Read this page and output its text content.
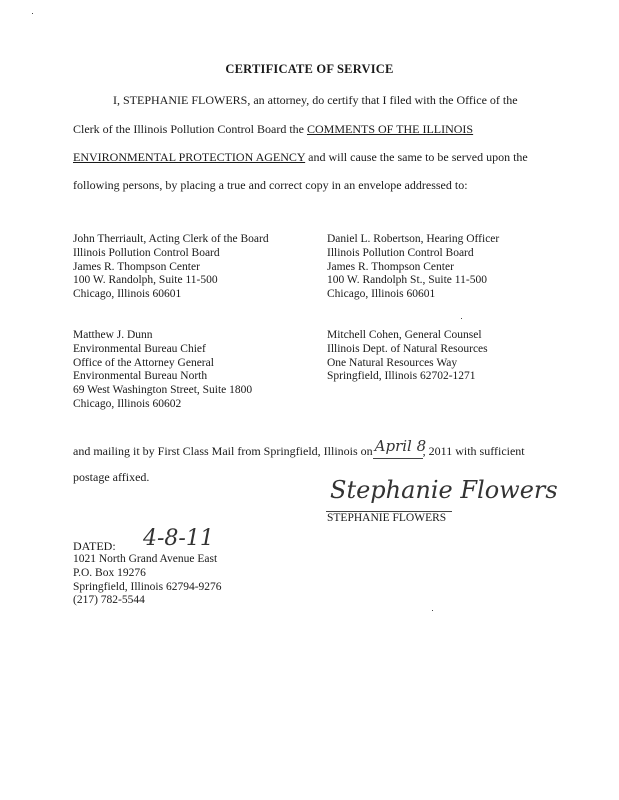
CERTIFICATE OF SERVICE
I, STEPHANIE FLOWERS, an attorney, do certify that I filed with the Office of the
Clerk of the Illinois Pollution Control Board the COMMENTS OF THE ILLINOIS
ENVIRONMENTAL PROTECTION AGENCY and will cause the same to be served upon the
following persons, by placing a true and correct copy in an envelope addressed to:
John Therriault, Acting Clerk of the Board
Illinois Pollution Control Board
James R. Thompson Center
100 W. Randolph, Suite 11-500
Chicago, Illinois 60601
Daniel L. Robertson, Hearing Officer
Illinois Pollution Control Board
James R. Thompson Center
100 W. Randolph St., Suite 11-500
Chicago, Illinois 60601
Matthew J. Dunn
Environmental Bureau Chief
Office of the Attorney General
Environmental Bureau North
69 West Washington Street, Suite 1800
Chicago, Illinois 60602
Mitchell Cohen, General Counsel
Illinois Dept. of Natural Resources
One Natural Resources Way
Springfield, Illinois 62702-1271
and mailing it by First Class Mail from Springfield, Illinois on April 8
, 2011 with sufficient
postage affixed.	Stephanie Flowers
STEPHANIE FLOWERS
DATED: 4-8-11
1021 North Grand Avenue East
P.O. Box 19276
Springfield, Illinois 62794-9276
(217) 782-5544
